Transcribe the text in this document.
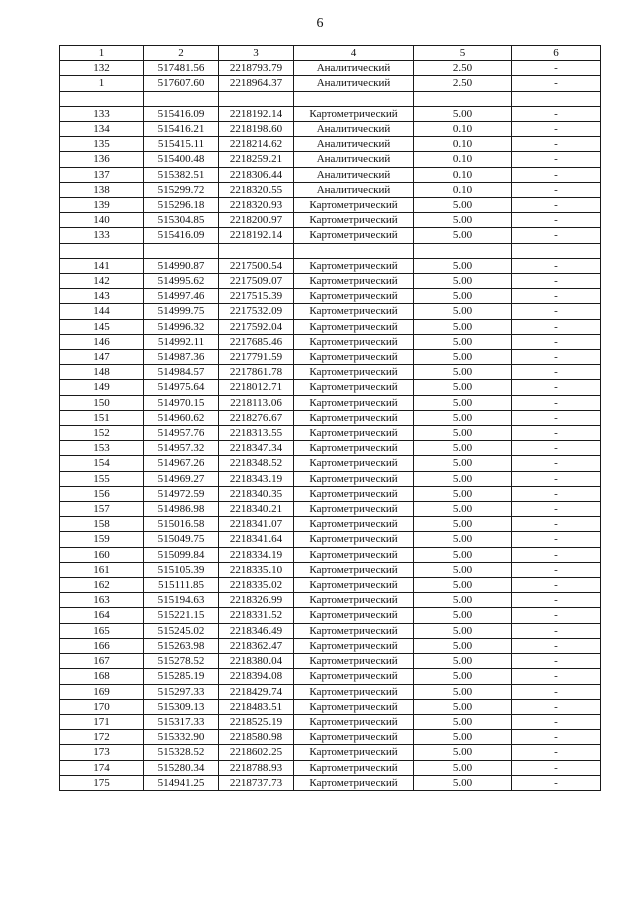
6
1	2	3	4	5	6
132	517481.56	2218793.79	Аналитический	2.50	-
1	517607.60	2218964.37	Аналитический	2.50	-

133	515416.09	2218192.14	Картометрический	5.00	-
134	515416.21	2218198.60	Аналитический	0.10	-
135	515415.11	2218214.62	Аналитический	0.10	-
136	515400.48	2218259.21	Аналитический	0.10	-
137	515382.51	2218306.44	Аналитический	0.10	-
138	515299.72	2218320.55	Аналитический	0.10	-
139	515296.18	2218320.93	Картометрический	5.00	-
140	515304.85	2218200.97	Картометрический	5.00	-
133	515416.09	2218192.14	Картометрический	5.00	-

141	514990.87	2217500.54	Картометрический	5.00	-
142	514995.62	2217509.07	Картометрический	5.00	-
143	514997.46	2217515.39	Картометрический	5.00	-
144	514999.75	2217532.09	Картометрический	5.00	-
145	514996.32	2217592.04	Картометрический	5.00	-
146	514992.11	2217685.46	Картометрический	5.00	-
147	514987.36	2217791.59	Картометрический	5.00	-
148	514984.57	2217861.78	Картометрический	5.00	-
149	514975.64	2218012.71	Картометрический	5.00	-
150	514970.15	2218113.06	Картометрический	5.00	-
151	514960.62	2218276.67	Картометрический	5.00	-
152	514957.76	2218313.55	Картометрический	5.00	-
153	514957.32	2218347.34	Картометрический	5.00	-
154	514967.26	2218348.52	Картометрический	5.00	-
155	514969.27	2218343.19	Картометрический	5.00	-
156	514972.59	2218340.35	Картометрический	5.00	-
157	514986.98	2218340.21	Картометрический	5.00	-
158	515016.58	2218341.07	Картометрический	5.00	-
159	515049.75	2218341.64	Картометрический	5.00	-
160	515099.84	2218334.19	Картометрический	5.00	-
161	515105.39	2218335.10	Картометрический	5.00	-
162	515111.85	2218335.02	Картометрический	5.00	-
163	515194.63	2218326.99	Картометрический	5.00	-
164	515221.15	2218331.52	Картометрический	5.00	-
165	515245.02	2218346.49	Картометрический	5.00	-
166	515263.98	2218362.47	Картометрический	5.00	-
167	515278.52	2218380.04	Картометрический	5.00	-
168	515285.19	2218394.08	Картометрический	5.00	-
169	515297.33	2218429.74	Картометрический	5.00	-
170	515309.13	2218483.51	Картометрический	5.00	-
171	515317.33	2218525.19	Картометрический	5.00	-
172	515332.90	2218580.98	Картометрический	5.00	-
173	515328.52	2218602.25	Картометрический	5.00	-
174	515280.34	2218788.93	Картометрический	5.00	-
175	514941.25	2218737.73	Картометрический	5.00	-
